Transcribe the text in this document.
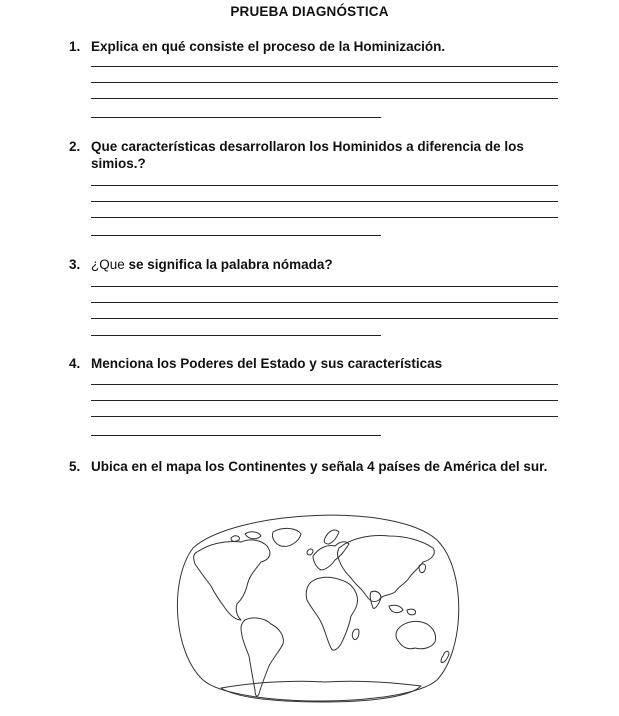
PRUEBA DIAGNÓSTICA
1. Explica en qué consiste el proceso de la Hominización.
2. Que características desarrollaron los Hominidos a diferencia de los simios.?
3. ¿Que se significa la palabra nómada?
4. Menciona los Poderes del Estado y sus características
5. Ubica en el mapa los Continentes y señala 4 países de América del sur.
